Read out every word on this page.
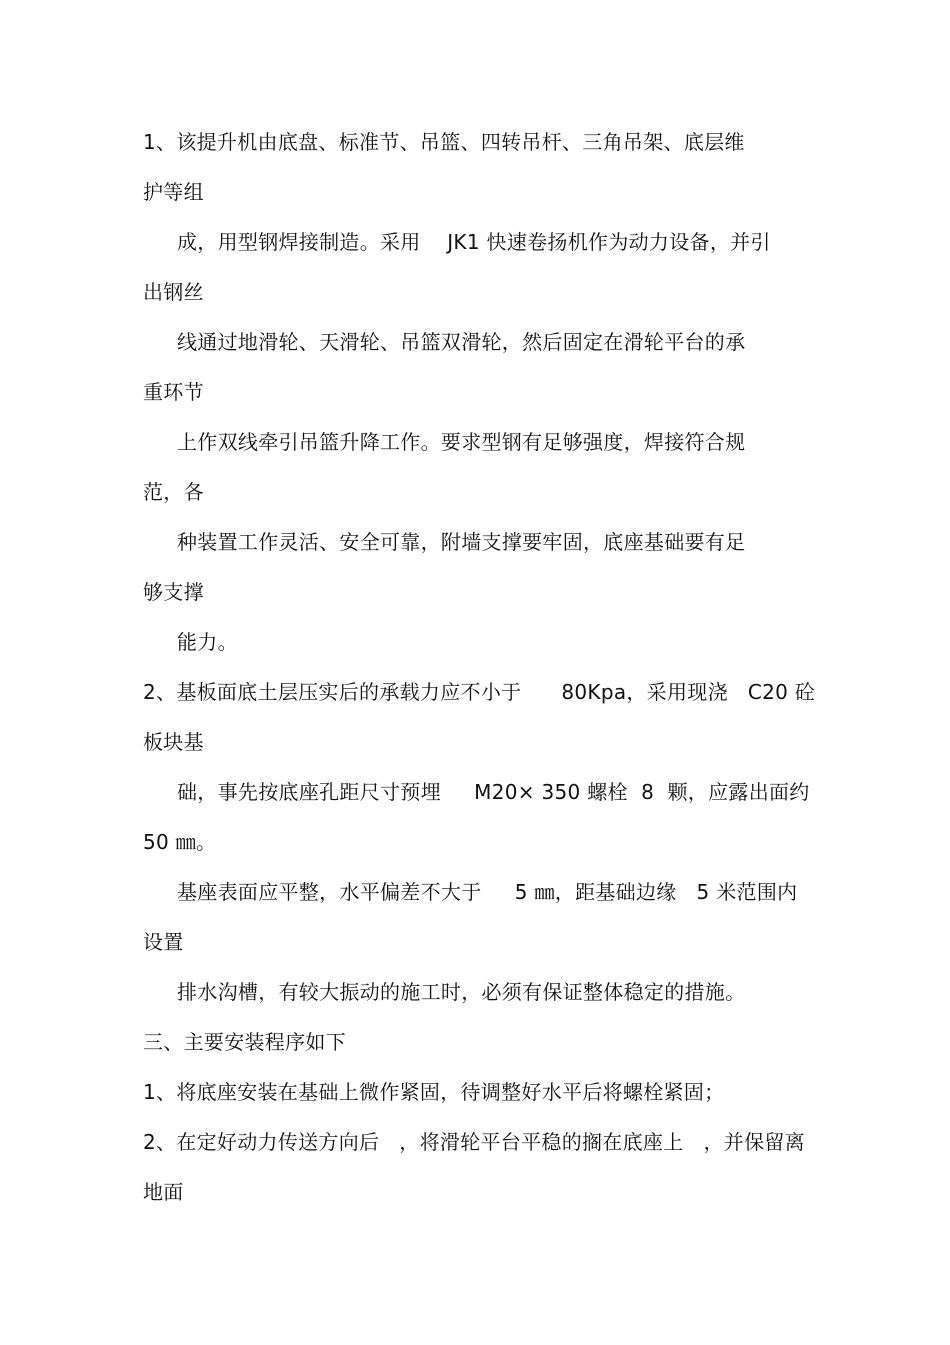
1、该提升机由底盘、标准节、吊篮、四转吊杆、三角吊架、底层维
护等组
成，用型钢焊接制造。采用    JK1 快速卷扬机作为动力设备，并引
出钢丝
线通过地滑轮、天滑轮、吊篮双滑轮，然后固定在滑轮平台的承
重环节
上作双线牵引吊篮升降工作。要求型钢有足够强度，焊接符合规
范，各
种装置工作灵活、安全可靠，附墙支撑要牢固，底座基础要有足
够支撑
能力。
2、基板面底土层压实后的承载力应不小于      80Kpa，采用现浇   C20 砼
板块基
础，事先按底座孔距尺寸预埋     M20× 350 螺栓  8  颗，应露出面约
50 ㎜。
基座表面应平整，水平偏差不大于     5 ㎜，距基础边缘   5 米范围内
设置
排水沟槽，有较大振动的施工时，必须有保证整体稳定的措施。
三、主要安装程序如下
1、将底座安装在基础上微作紧固，待调整好水平后将螺栓紧固；
2、在定好动力传送方向后   ，将滑轮平台平稳的搁在底座上   ，并保留离
地面
